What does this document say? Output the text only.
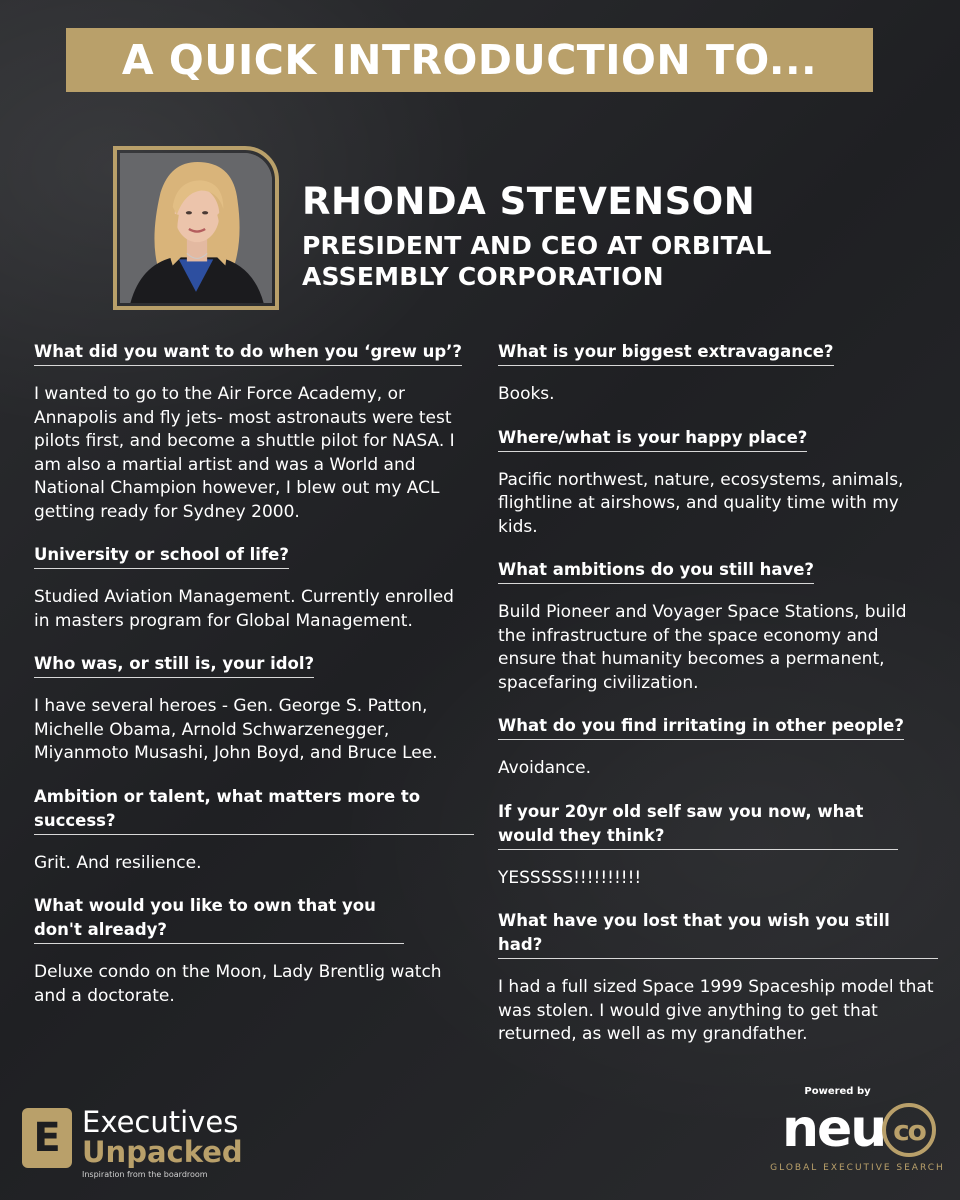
A QUICK INTRODUCTION TO...
RHONDA STEVENSON
PRESIDENT AND CEO AT ORBITAL ASSEMBLY CORPORATION
What did you want to do when you ‘grew up’?
I wanted to go to the Air Force Academy, or Annapolis and fly jets- most astronauts were test pilots first, and become a shuttle pilot for NASA. I am also a martial artist and was a World and National Champion however, I blew out my ACL getting ready for Sydney 2000.
University or school of life?
Studied Aviation Management. Currently enrolled in masters program for Global Management.
Who was, or still is, your idol?
I have several heroes - Gen. George S. Patton, Michelle Obama, Arnold Schwarzenegger, Miyanmoto Musashi, John Boyd, and Bruce Lee.
Ambition or talent, what matters more to success?
Grit. And resilience.
What would you like to own that you don't already?
Deluxe condo on the Moon, Lady Brentlig watch and a doctorate.
What is your biggest extravagance?
Books.
Where/what is your happy place?
Pacific northwest, nature, ecosystems, animals, flightline at airshows, and quality time with my kids.
What ambitions do you still have?
Build Pioneer and Voyager Space Stations, build the infrastructure of the space economy and ensure that humanity becomes a permanent, spacefaring civilization.
What do you find irritating in other people?
Avoidance.
If your 20yr old self saw you now, what would they think?
YESSSSS!!!!!!!!!!
What have you lost that you wish you still had?
I had a full sized Space 1999 Spaceship model that was stolen. I would give anything to get that returned, as well as my grandfather.
E Executives
Unpacked
Inspiration from the boardroom
Powered by
neu co
GLOBAL EXECUTIVE SEARCH
